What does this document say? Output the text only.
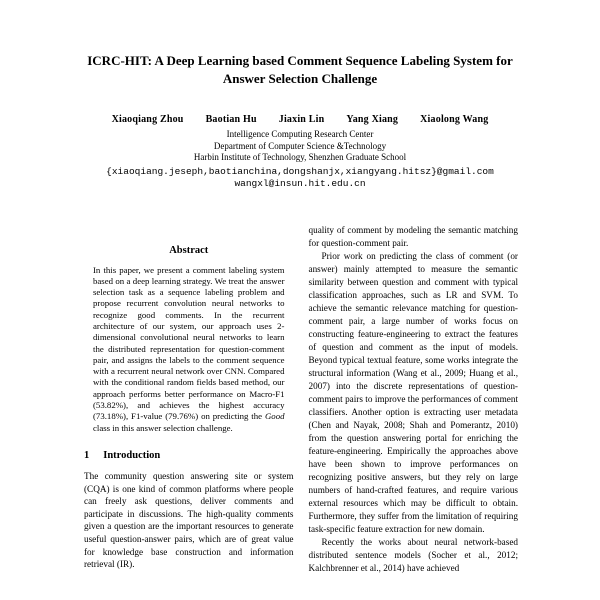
ICRC-HIT: A Deep Learning based Comment Sequence Labeling System for Answer Selection Challenge
Xiaoqiang Zhou Baotian Hu Jiaxin Lin Yang Xiang Xiaolong Wang
Intelligence Computing Research Center
Department of Computer Science &Technology
Harbin Institute of Technology, Shenzhen Graduate School
{xiaoqiang.jeseph,baotianchina,dongshanjx,xiangyang.hitsz}@gmail.com
wangxl@insun.hit.edu.cn
Abstract
In this paper, we present a comment labeling system based on a deep learning strategy. We treat the answer selection task as a sequence labeling problem and propose recurrent convolution neural networks to recognize good comments. In the recurrent architecture of our system, our approach uses 2-dimensional convolutional neural networks to learn the distributed representation for question-comment pair, and assigns the labels to the comment sequence with a recurrent neural network over CNN. Compared with the conditional random fields based method, our approach performs better performance on Macro-F1 (53.82%), and achieves the highest accuracy (73.18%), F1-value (79.76%) on predicting the Good class in this answer selection challenge.
1 Introduction
The community question answering site or system (CQA) is one kind of common platforms where people can freely ask questions, deliver comments and participate in discussions. The high-quality comments given a question are the important resources to generate useful question-answer pairs, which are of great value for knowledge base construction and information retrieval (IR).
quality of comment by modeling the semantic matching for question-comment pair.
Prior work on predicting the class of comment (or answer) mainly attempted to measure the semantic similarity between question and comment with typical classification approaches, such as LR and SVM. To achieve the semantic relevance matching for question-comment pair, a large number of works focus on constructing feature-engineering to extract the features of question and comment as the input of models. Beyond typical textual feature, some works integrate the structural information (Wang et al., 2009; Huang et al., 2007) into the discrete representations of question-comment pairs to improve the performances of comment classifiers. Another option is extracting user metadata (Chen and Nayak, 2008; Shah and Pomerantz, 2010) from the question answering portal for enriching the feature-engineering. Empirically the approaches above have been shown to improve performances on recognizing positive answers, but they rely on large numbers of hand-crafted features, and require various external resources which may be difficult to obtain. Furthermore, they suffer from the limitation of requiring task-specific feature extraction for new domain.
Recently the works about neural network-based distributed sentence models (Socher et al., 2012; Kalchbrenner et al., 2014) have achieved
